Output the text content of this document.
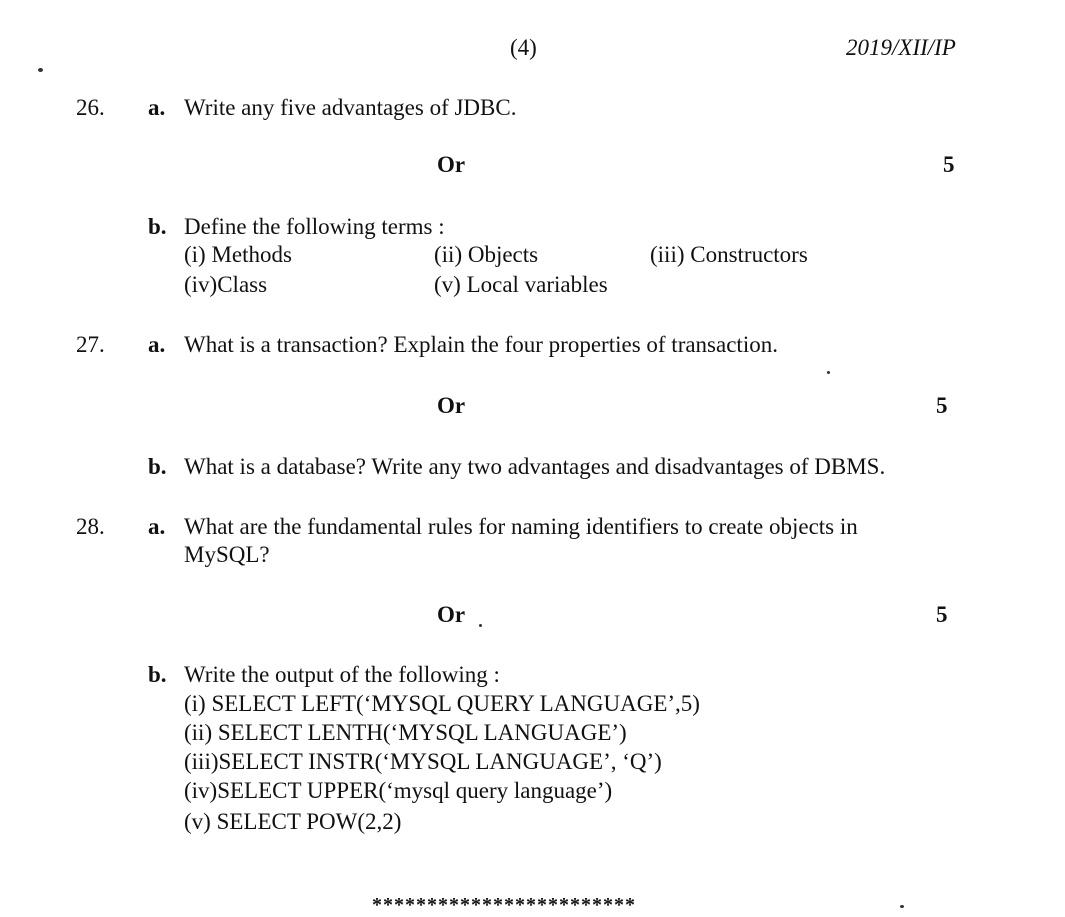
(4)	2019/XII/IP
26. a. Write any five advantages of JDBC.
Or	5
b. Define the following terms :
(i) Methods	(ii) Objects	(iii) Constructors
(iv)Class	(v) Local variables
27. a. What is a transaction? Explain the four properties of transaction.
Or	5
b. What is a database? Write any two advantages and disadvantages of DBMS.
28. a. What are the fundamental rules for naming identifiers to create objects in
MySQL?
Or	5
b. Write the output of the following :
(i) SELECT LEFT(‘MYSQL QUERY LANGUAGE’,5)
(ii) SELECT LENTH(‘MYSQL LANGUAGE’)
(iii)SELECT INSTR(‘MYSQL LANGUAGE’, ‘Q’)
(iv)SELECT UPPER(‘mysql query language’)
(v) SELECT POW(2,2)
************************
